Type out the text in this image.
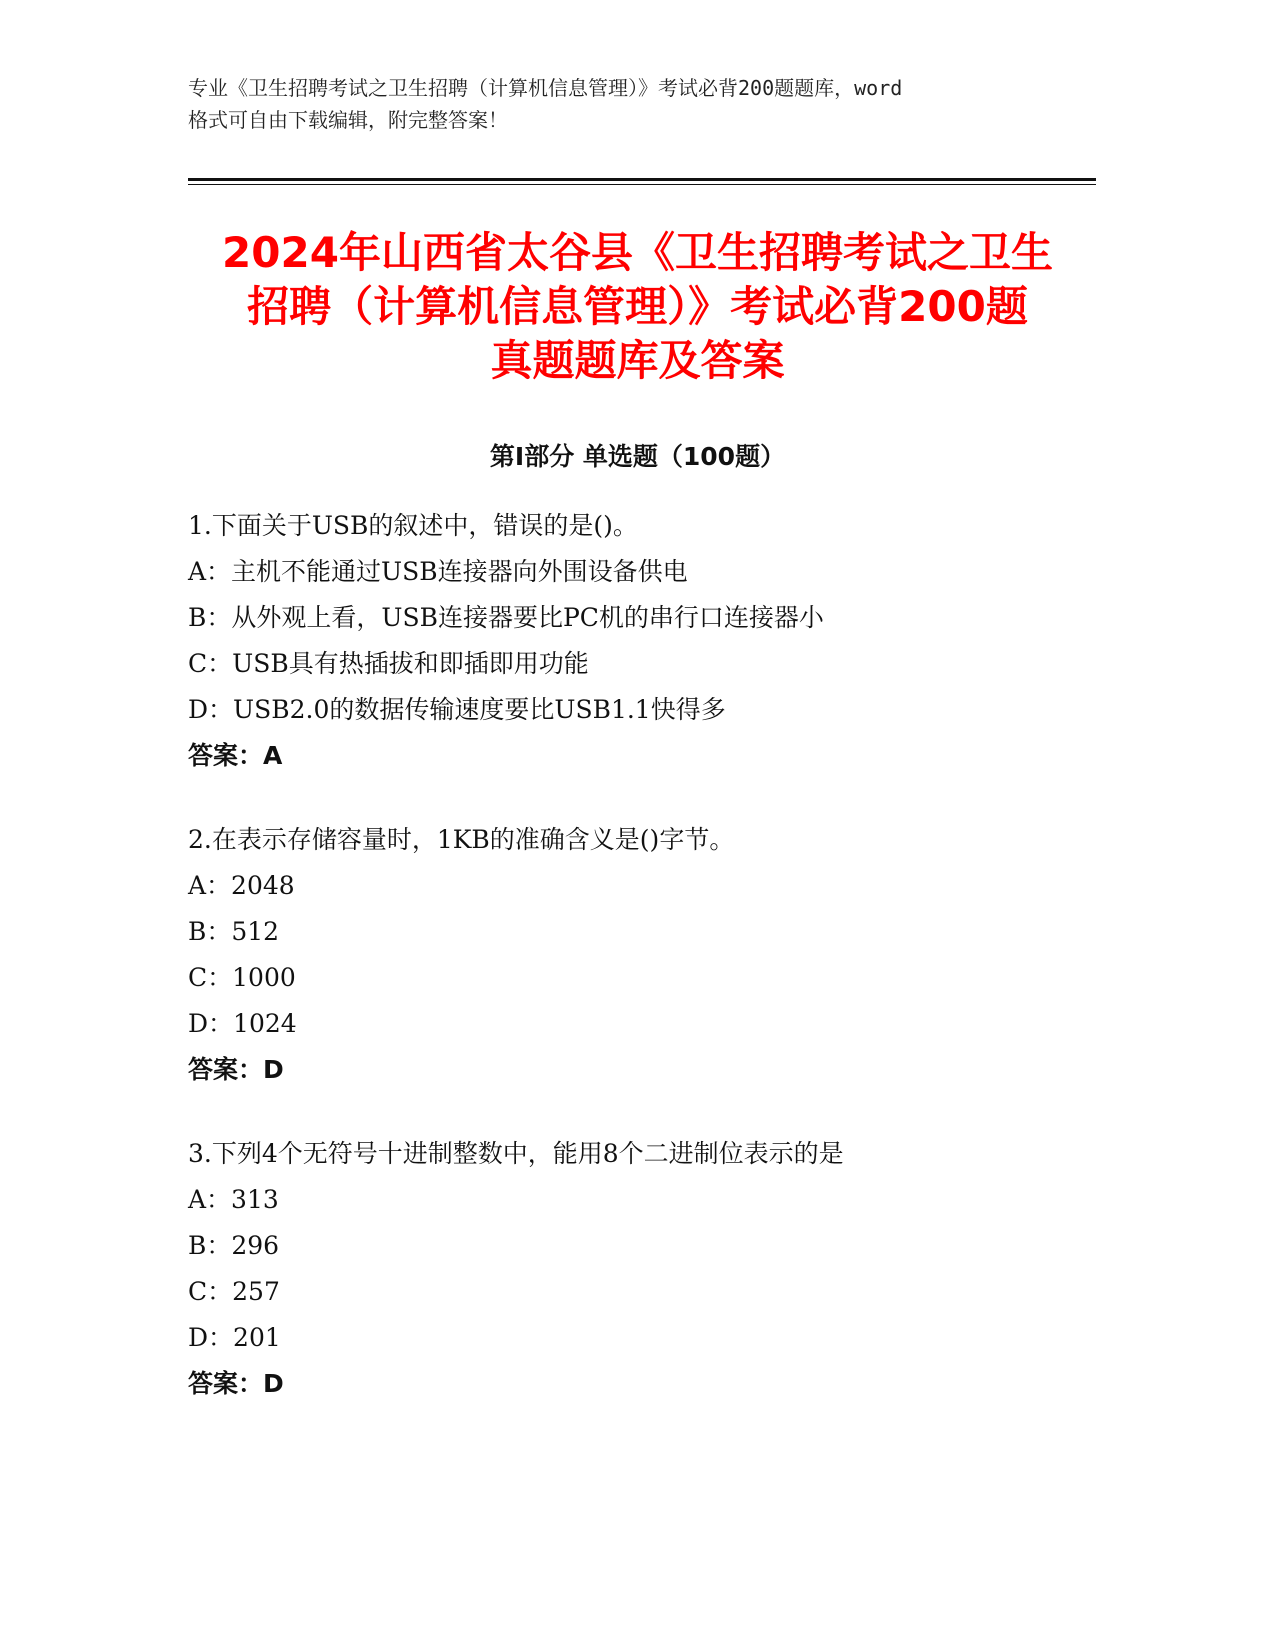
专业《卫生招聘考试之卫生招聘（计算机信息管理）》考试必背200题题库，word
格式可自由下载编辑，附完整答案！
2024年山西省太谷县《卫生招聘考试之卫生
招聘（计算机信息管理）》考试必背200题
真题题库及答案
第Ⅰ部分 单选题（100题）
1.下面关于USB的叙述中，错误的是()。
A：主机不能通过USB连接器向外围设备供电
B：从外观上看，USB连接器要比PC机的串行口连接器小
C：USB具有热插拔和即插即用功能
D：USB2.0的数据传输速度要比USB1.1快得多
答案：A
2.在表示存储容量时，1KB的准确含义是()字节。
A：2048
B：512
C：1000
D：1024
答案：D
3.下列4个无符号十进制整数中，能用8个二进制位表示的是
A：313
B：296
C：257
D：201
答案：D
